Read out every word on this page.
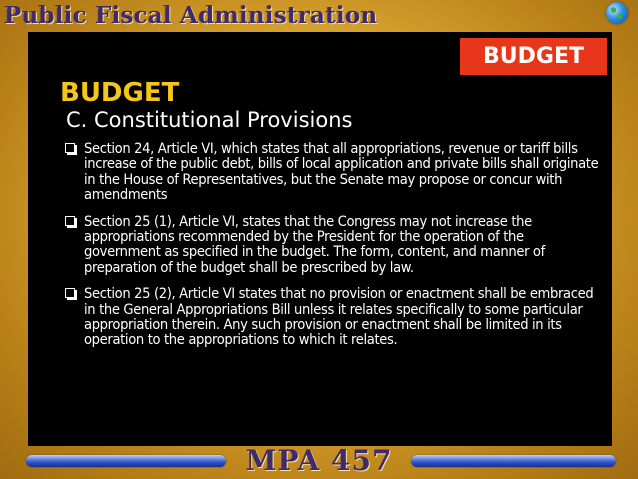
Public Fiscal Administration
BUDGET
BUDGET
C. Constitutional Provisions
Section 24, Article VI, which states that all appropriations, revenue or tariff bills increase of the public debt, bills of local application and private bills shall originate in the House of Representatives, but the Senate may propose or concur with amendments
Section 25 (1), Article VI, states that the Congress may not increase the appropriations recommended by the President for the operation of the government as specified in the budget. The form, content, and manner of preparation of the budget shall be prescribed by law.
Section 25 (2), Article VI states that no provision or enactment shall be embraced in the General Appropriations Bill unless it relates specifically to some particular appropriation therein. Any such provision or enactment shall be limited in its operation to the appropriations to which it relates.
MPA 457
